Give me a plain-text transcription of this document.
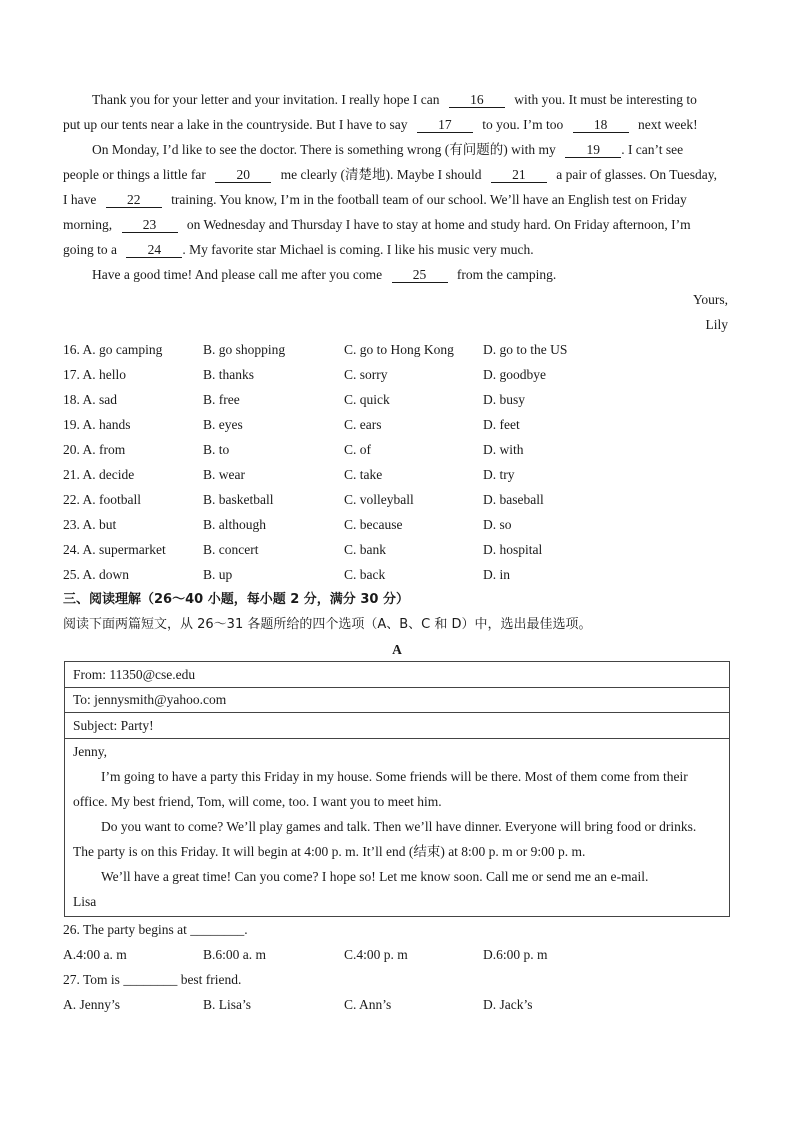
Thank you for your letter and your invitation. I really hope I can 16 with you. It must be interesting to
put up our tents near a lake in the countryside. But I have to say 17 to you. I’m too 18 next week!
On Monday, I’d like to see the doctor. There is something wrong (有问题的) with my 19 . I can’t see
people or things a little far 20 me clearly (清楚地). Maybe I should 21 a pair of glasses. On Tuesday,
I have 22 training. You know, I’m in the football team of our school. We’ll have an English test on Friday
morning, 23 on Wednesday and Thursday I have to stay at home and study hard. On Friday afternoon, I’m
going to a 24 . My favorite star Michael is coming. I like his music very much.
Have a good time! And please call me after you come 25 from the camping.
Yours,
Lily
16. A. go camping	B. go shopping	C. go to Hong Kong D. go to the US
17. A. hello	B. thanks	C. sorry	D. goodbye
18. A. sad	B. free	C. quick	D. busy
19. A. hands	B. eyes	C. ears	D. feet
20. A. from	B. to	C. of	D. with
21. A. decide	B. wear	C. take	D. try
22. A. football	B. basketball	C. volleyball	D. baseball
23. A. but	B. although	C. because	D. so
24. A. supermarket	B. concert	C. bank	D. hospital
25. A. down	B. up	C. back	D. in
三、阅读理解（26～40 小题，每小题 2 分，满分 30 分）
阅读下面两篇短文，从 26～31 各题所给的四个选项（A、B、C 和 D）中，选出最佳选项。
A
From: 11350@cse.edu
To: jennysmith@yahoo.com
Subject: Party!
Jenny,
I’m going to have a party this Friday in my house. Some friends will be there. Most of them come from their
office. My best friend, Tom, will come, too. I want you to meet him.
Do you want to come? We’ll play games and talk. Then we’ll have dinner. Everyone will bring food or drinks.
The party is on this Friday. It will begin at 4:00 p. m. It’ll end (结束) at 8:00 p. m or 9:00 p. m.
We’ll have a great time! Can you come? I hope so! Let me know soon. Call me or send me an e-mail.
Lisa
26. The party begins at ________.
A.4:00 a. m	B.6:00 a. m	C.4:00 p. m	D.6:00 p. m
27. Tom is ________ best friend.
A. Jenny’s	B. Lisa’s	C. Ann’s	D. Jack’s
